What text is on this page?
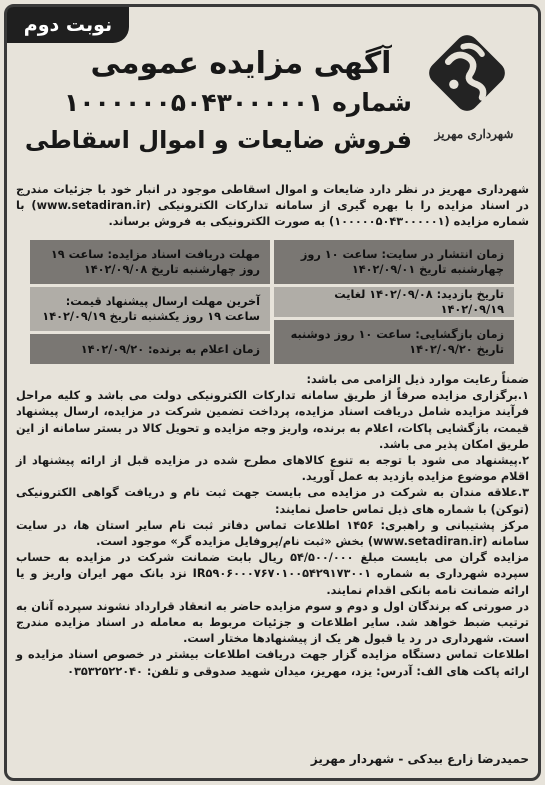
نوبت دوم
شهرداری مهریز
آگهی مزایده عمومی
شماره ۱۰۰۰۰۰۰۵۰۴۳۰۰۰۰۰۱
فروش ضایعات و اموال اسقاطی
شهرداری مهریز در نظر دارد ضایعات و اموال اسقاطی موجود در انبار خود با جزئیات مندرج در اسناد مزایده را با بهره گیری از سامانه تدارکات الکترونیکی (www.setadiran.ir) با شماره مزایده (۱۰۰۰۰۰۵۰۴۳۰۰۰۰۰۱) به صورت الکترونیکی به فروش برساند.
زمان انتشار در سایت: ساعت ۱۰ روز چهارشنبه تاریخ ۱۴۰۲/۰۹/۰۱
تاریخ بازدید: ۱۴۰۲/۰۹/۰۸ لغایت ۱۴۰۲/۰۹/۱۹
زمان بازگشایی: ساعت ۱۰ روز دوشنبه تاریخ ۱۴۰۲/۰۹/۲۰
مهلت دریافت اسناد مزایده: ساعت ۱۹ روز چهارشنبه تاریخ ۱۴۰۲/۰۹/۰۸
آخرین مهلت ارسال پیشنهاد قیمت: ساعت ۱۹ روز یکشنبه تاریخ ۱۴۰۲/۰۹/۱۹
زمان اعلام به برنده: ۱۴۰۲/۰۹/۲۰

ضمناً رعایت موارد ذیل الزامی می باشد:

۱.برگزاری مزایده صرفاً از طریق سامانه تدارکات الکترونیکی دولت می باشد و کلیه مراحل فرآیند مزایده شامل دریافت اسناد مزایده، پرداخت تضمین شرکت در مزایده، ارسال پیشنهاد قیمت، بازگشایی پاکات، اعلام به برنده، واریز وجه مزایده و تحویل کالا در بستر سامانه از این طریق امکان پذیر می باشد.

۲.پیشنهاد می شود با توجه به تنوع کالاهای مطرح شده در مزایده قبل از ارائه پیشنهاد از اقلام موضوع مزایده بازدید به عمل آورید.

۳.علاقه مندان به شرکت در مزایده می بایست جهت ثبت نام و دریافت گواهی الکترونیکی (توکن) با شماره های ذیل تماس حاصل نمایند:

مرکز پشتیبانی و راهبری: ۱۴۵۶ اطلاعات تماس دفاتر ثبت نام سایر استان ها، در سایت سامانه (www.setadiran.ir) بخش «ثبت نام/پروفایل مزایده گر» موجود است.

مزایده گران می بایست مبلغ ۵۴/۵۰۰/۰۰۰ ریال بابت ضمانت شرکت در مزایده به حساب سپرده شهرداری به شماره IR۵۹۰۶۰۰۰۷۶۷۰۱۰۰۵۴۲۹۱۷۳۰۰۱ نزد بانک مهر ایران واریز و یا ارائه ضمانت نامه بانکی اقدام نمایند.

در صورتی که برندگان اول و دوم و سوم مزایده حاضر به انعقاد قرارداد نشوند سپرده آنان به ترتیب ضبط خواهد شد. سایر اطلاعات و جزئیات مربوط به معامله در اسناد مزایده مندرج است. شهرداری در رد یا قبول هر یک از پیشنهادها مختار است.

اطلاعات تماس دستگاه مزایده گزار جهت دریافت اطلاعات بیشتر در خصوص اسناد مزایده و ارائه پاکت های الف: آدرس: یزد، مهریز، میدان شهید صدوقی و تلفن: ۰۳۵۳۲۵۲۲۰۴۰

حمیدرضا زارع بیدکی - شهردار مهریز
